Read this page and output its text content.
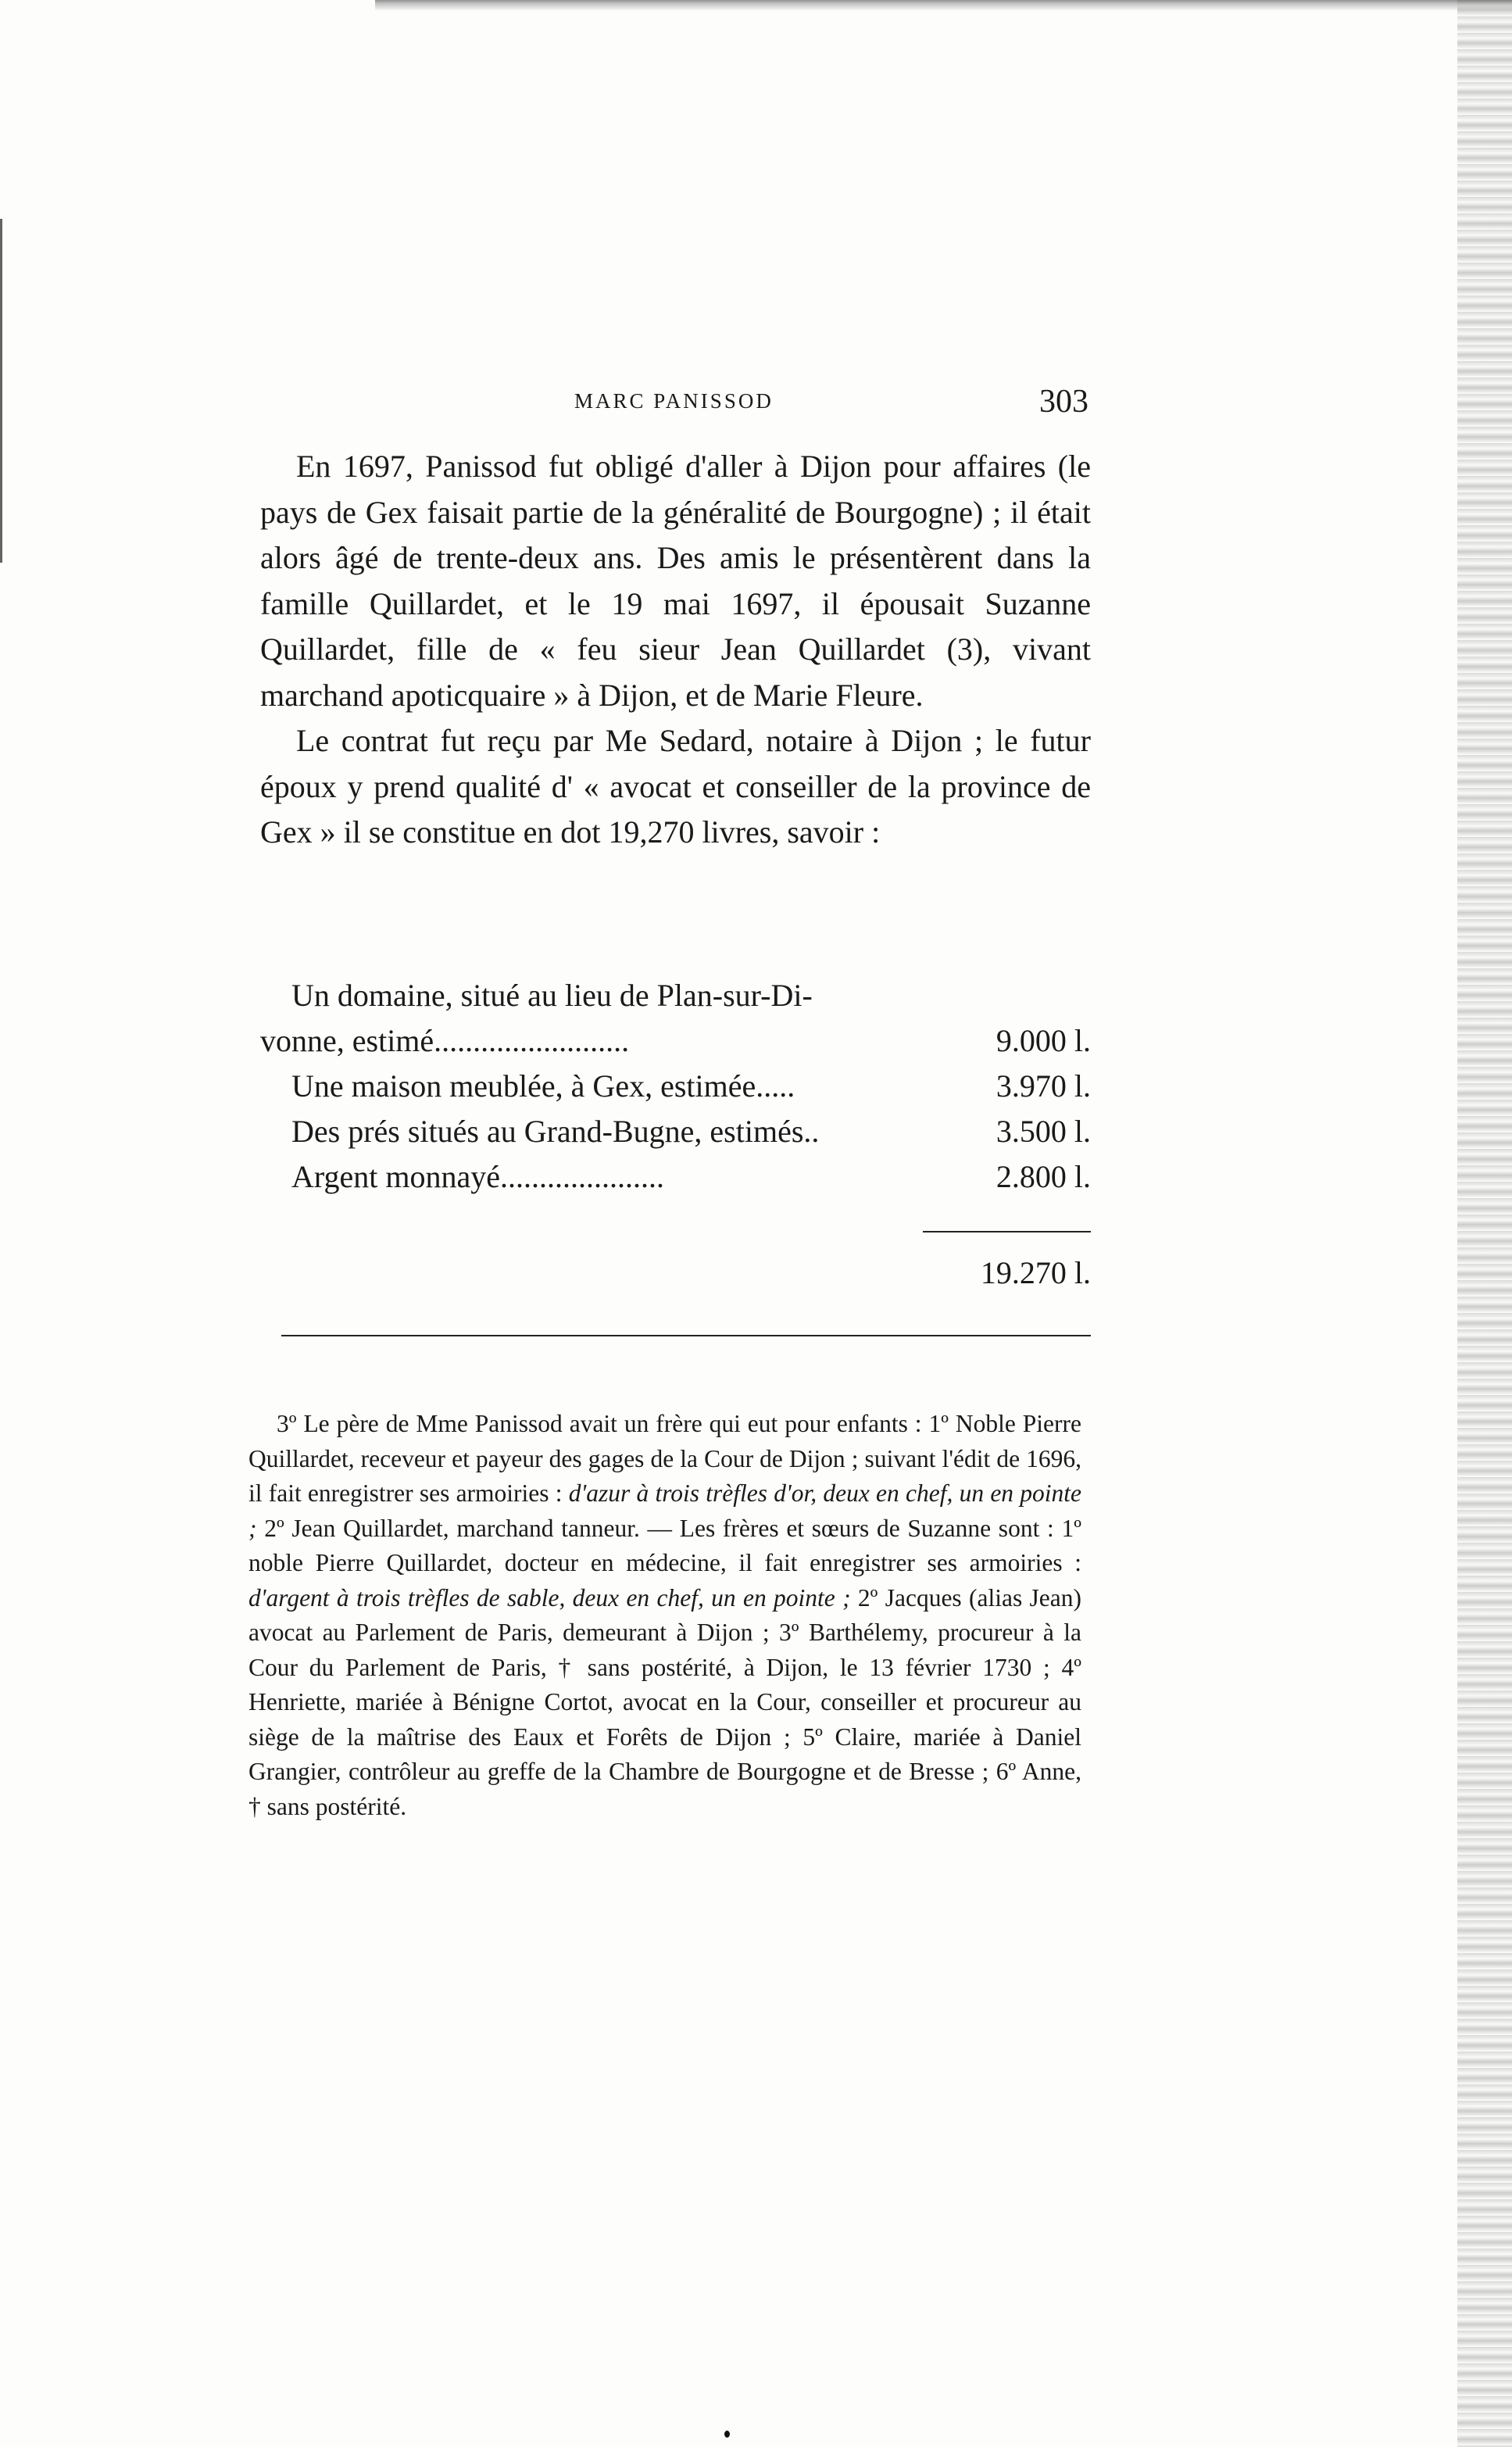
MARC PANISSOD	303

En 1697, Panissod fut obligé d'aller à Dijon pour affaires (le pays de Gex faisait partie de la généralité de Bourgogne) ; il était alors âgé de trente-deux ans. Des amis le présentèrent dans la famille Quillardet, et le 19 mai 1697, il épousait Suzanne Quillardet, fille de « feu sieur Jean Quillardet (3), vivant marchand apoticquaire » à Dijon, et de Marie Fleure.

Le contrat fut reçu par Me Sedard, notaire à Dijon ; le futur époux y prend qualité d' « avocat et conseiller de la province de Gex » il se constitue en dot 19,270 livres, savoir :

Un domaine, situé au lieu de Plan-sur-Di-
vonne, estimé.........................	9.000 l.
Une maison meublée, à Gex, estimée.....	3.970 l.
Des prés situés au Grand-Bugne, estimés..	3.500 l.
Argent monnayé.....................	2.800 l.
19.270 l.

3º Le père de Mme Panissod avait un frère qui eut pour enfants : 1º Noble Pierre Quillardet, receveur et payeur des gages de la Cour de Dijon ; suivant l'édit de 1696, il fait enregistrer ses armoiries : d'azur à trois trèfles d'or, deux en chef, un en pointe ; 2º Jean Quillardet, marchand tanneur. — Les frères et sœurs de Suzanne sont : 1º noble Pierre Quillardet, docteur en médecine, il fait enregistrer ses armoiries : d'argent à trois trèfles de sable, deux en chef, un en pointe ; 2º Jacques (alias Jean) avocat au Parlement de Paris, demeurant à Dijon ; 3º Barthélemy, procureur à la Cour du Parlement de Paris, † sans postérité, à Dijon, le 13 février 1730 ; 4º Henriette, mariée à Bénigne Cortot, avocat en la Cour, conseiller et procureur au siège de la maîtrise des Eaux et Forêts de Dijon ; 5º Claire, mariée à Daniel Grangier, contrôleur au greffe de la Chambre de Bourgogne et de Bresse ; 6º Anne, † sans postérité.
